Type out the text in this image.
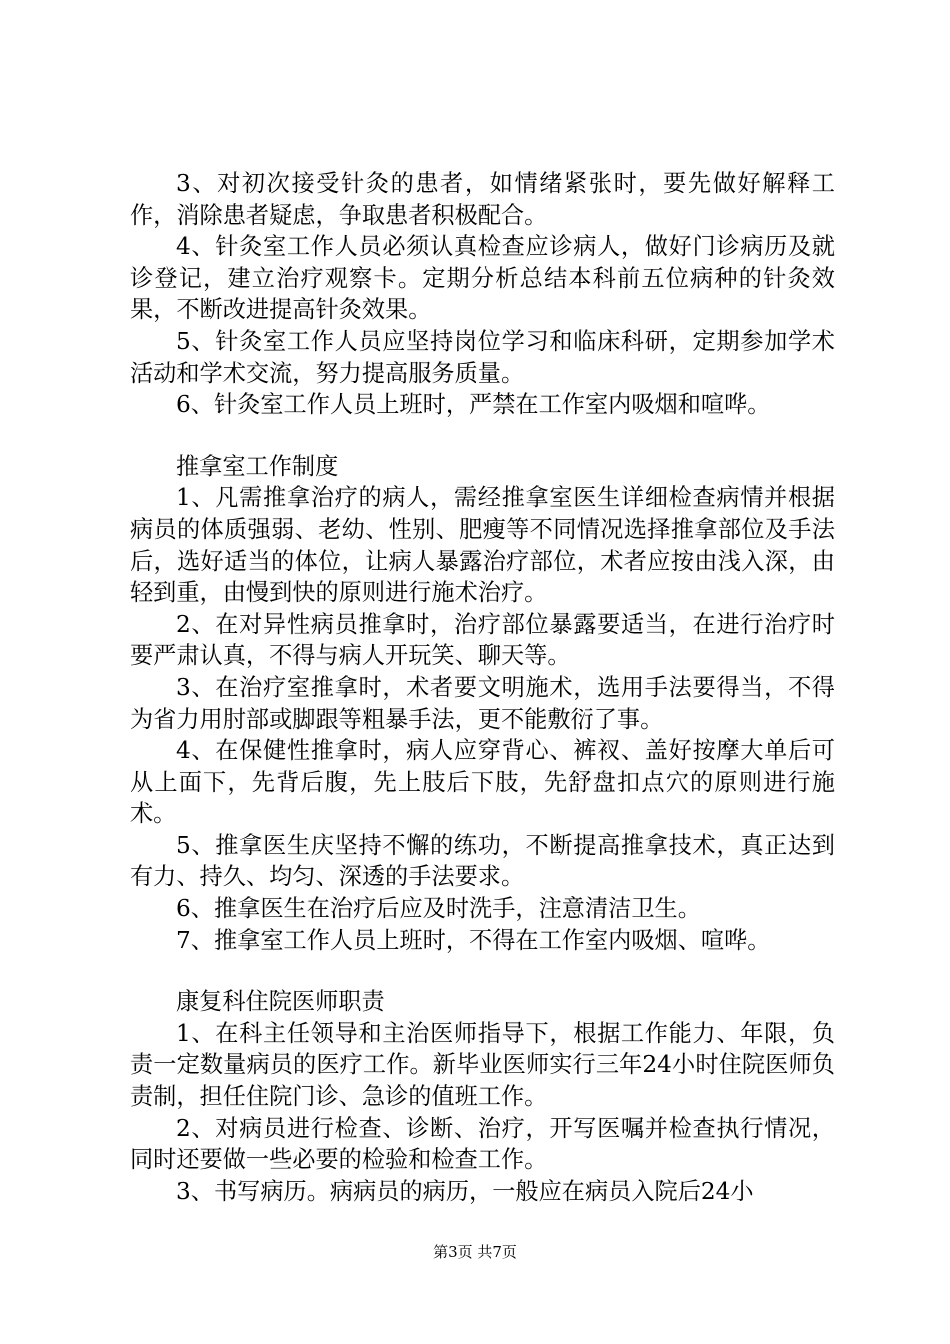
3、对初次接受针灸的患者，如情绪紧张时，要先做好解释工作，消除患者疑虑，争取患者积极配合。

4、针灸室工作人员必须认真检查应诊病人，做好门诊病历及就诊登记，建立治疗观察卡。定期分析总结本科前五位病种的针灸效果，不断改进提高针灸效果。

5、针灸室工作人员应坚持岗位学习和临床科研，定期参加学术活动和学术交流，努力提高服务质量。

6、针灸室工作人员上班时，严禁在工作室内吸烟和喧哗。

推拿室工作制度

1、凡需推拿治疗的病人，需经推拿室医生详细检查病情并根据病员的体质强弱、老幼、性别、肥瘦等不同情况选择推拿部位及手法后，选好适当的体位，让病人暴露治疗部位，术者应按由浅入深，由轻到重，由慢到快的原则进行施术治疗。

2、在对异性病员推拿时，治疗部位暴露要适当，在进行治疗时要严肃认真，不得与病人开玩笑、聊天等。

3、在治疗室推拿时，术者要文明施术，选用手法要得当，不得为省力用肘部或脚跟等粗暴手法，更不能敷衍了事。

4、在保健性推拿时，病人应穿背心、裤衩、盖好按摩大单后可从上面下，先背后腹，先上肢后下肢，先舒盘扣点穴的原则进行施术。

5、推拿医生庆坚持不懈的练功，不断提高推拿技术，真正达到有力、持久、均匀、深透的手法要求。

6、推拿医生在治疗后应及时洗手，注意清洁卫生。

7、推拿室工作人员上班时，不得在工作室内吸烟、喧哗。

康复科住院医师职责

1、在科主任领导和主治医师指导下，根据工作能力、年限，负责一定数量病员的医疗工作。新毕业医师实行三年24小时住院医师负责制，担任住院门诊、急诊的值班工作。

2、对病员进行检查、诊断、治疗，开写医嘱并检查执行情况，同时还要做一些必要的检验和检查工作。

3、书写病历。病病员的病历，一般应在病员入院后24小

第3页 共7页
